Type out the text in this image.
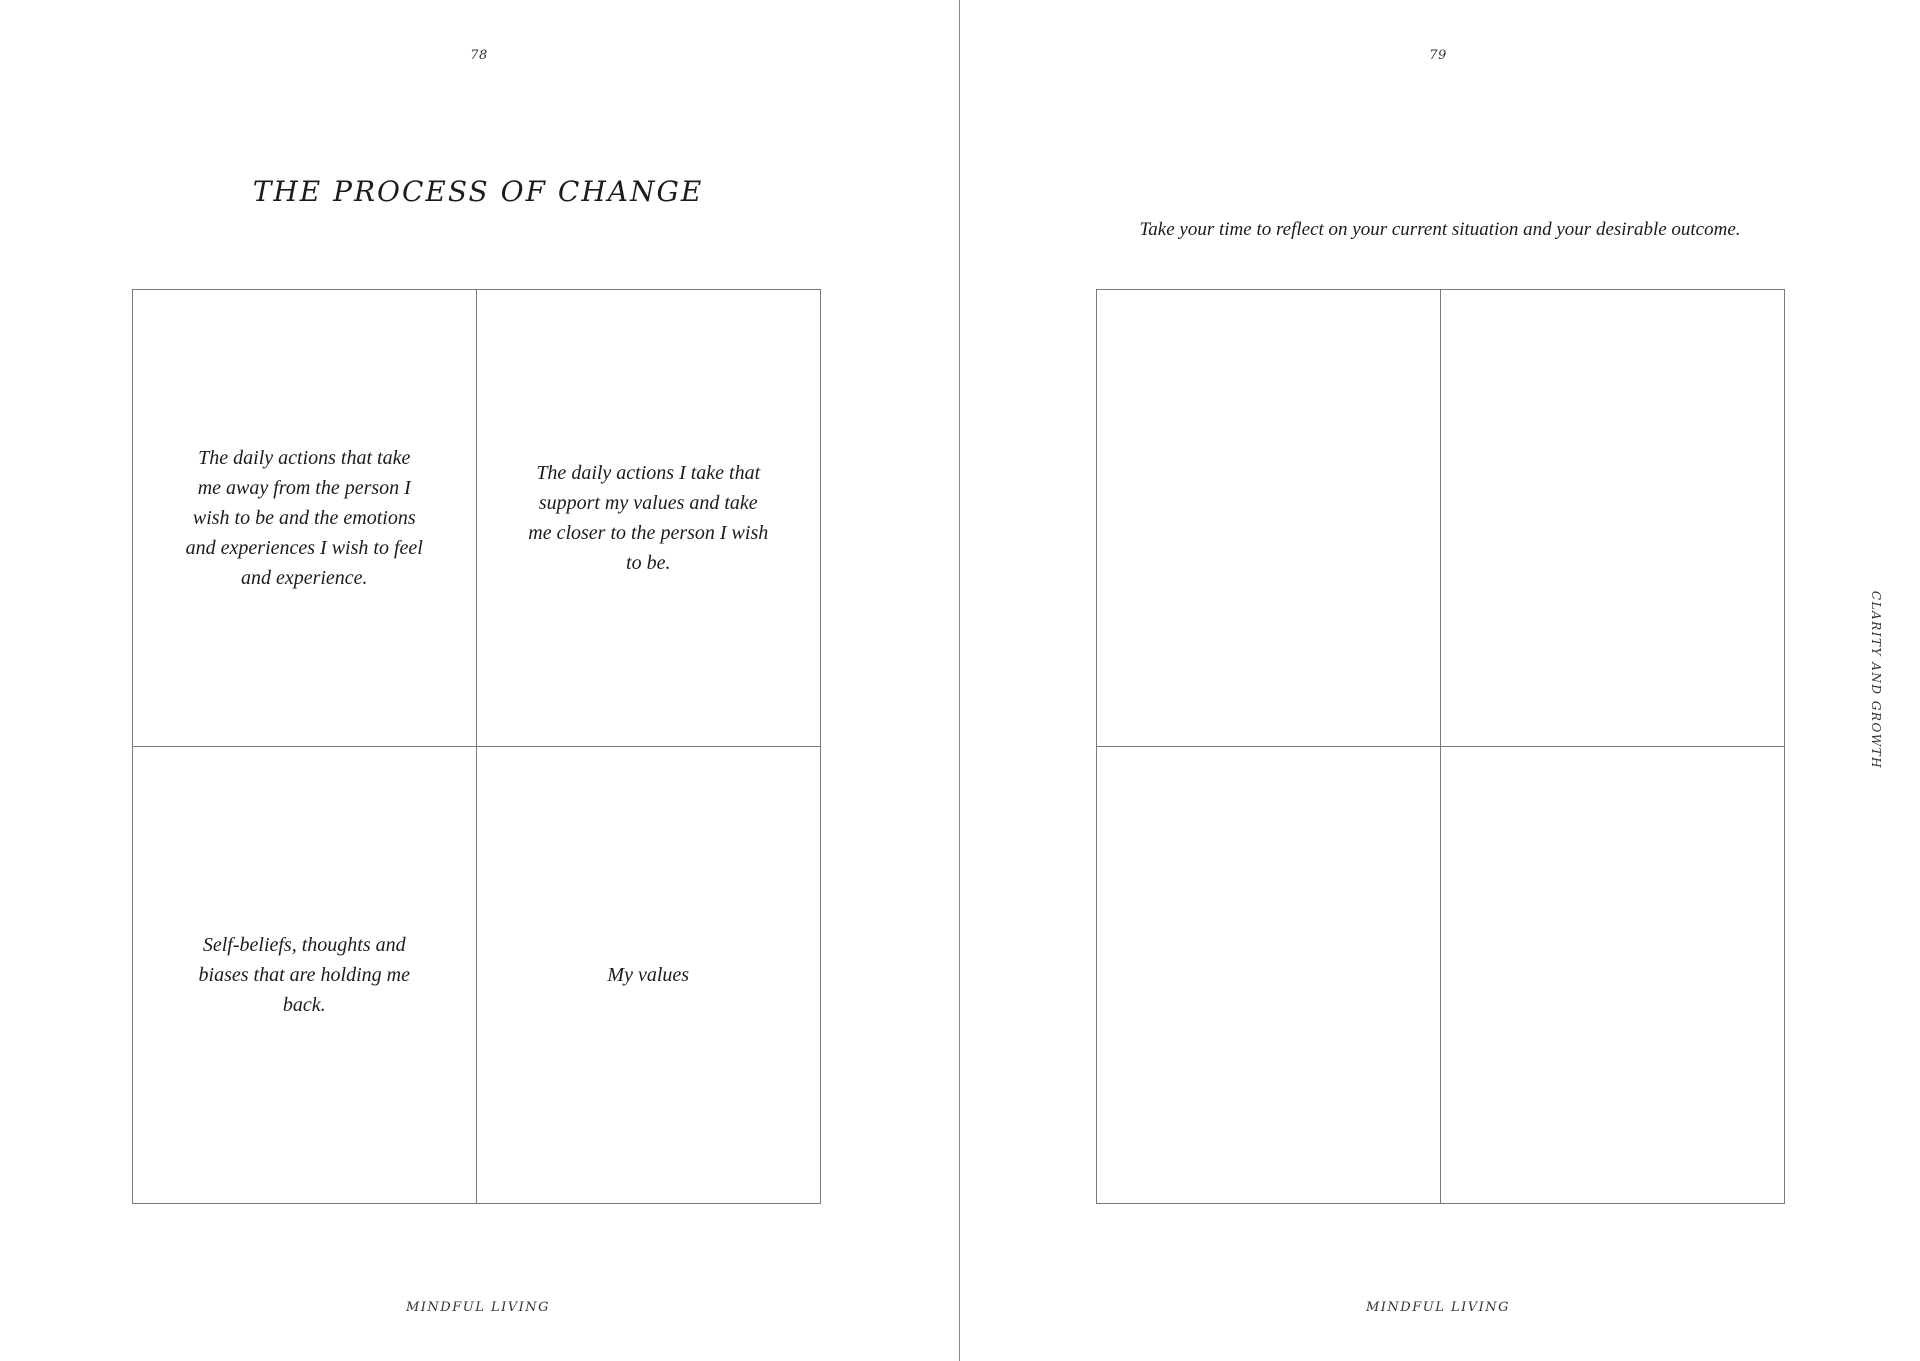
78
THE PROCESS OF CHANGE
The daily actions that take me away from the person I wish to be and the emotions and experiences I wish to feel and experience.
The daily actions I take that support my values and take me closer to the person I wish to be.
Self-beliefs, thoughts and biases that are holding me back.
My values
MINDFUL LIVING
79
Take your time to reflect on your current situation and your desirable outcome.
MINDFUL LIVING
CLARITY AND GROWTH
